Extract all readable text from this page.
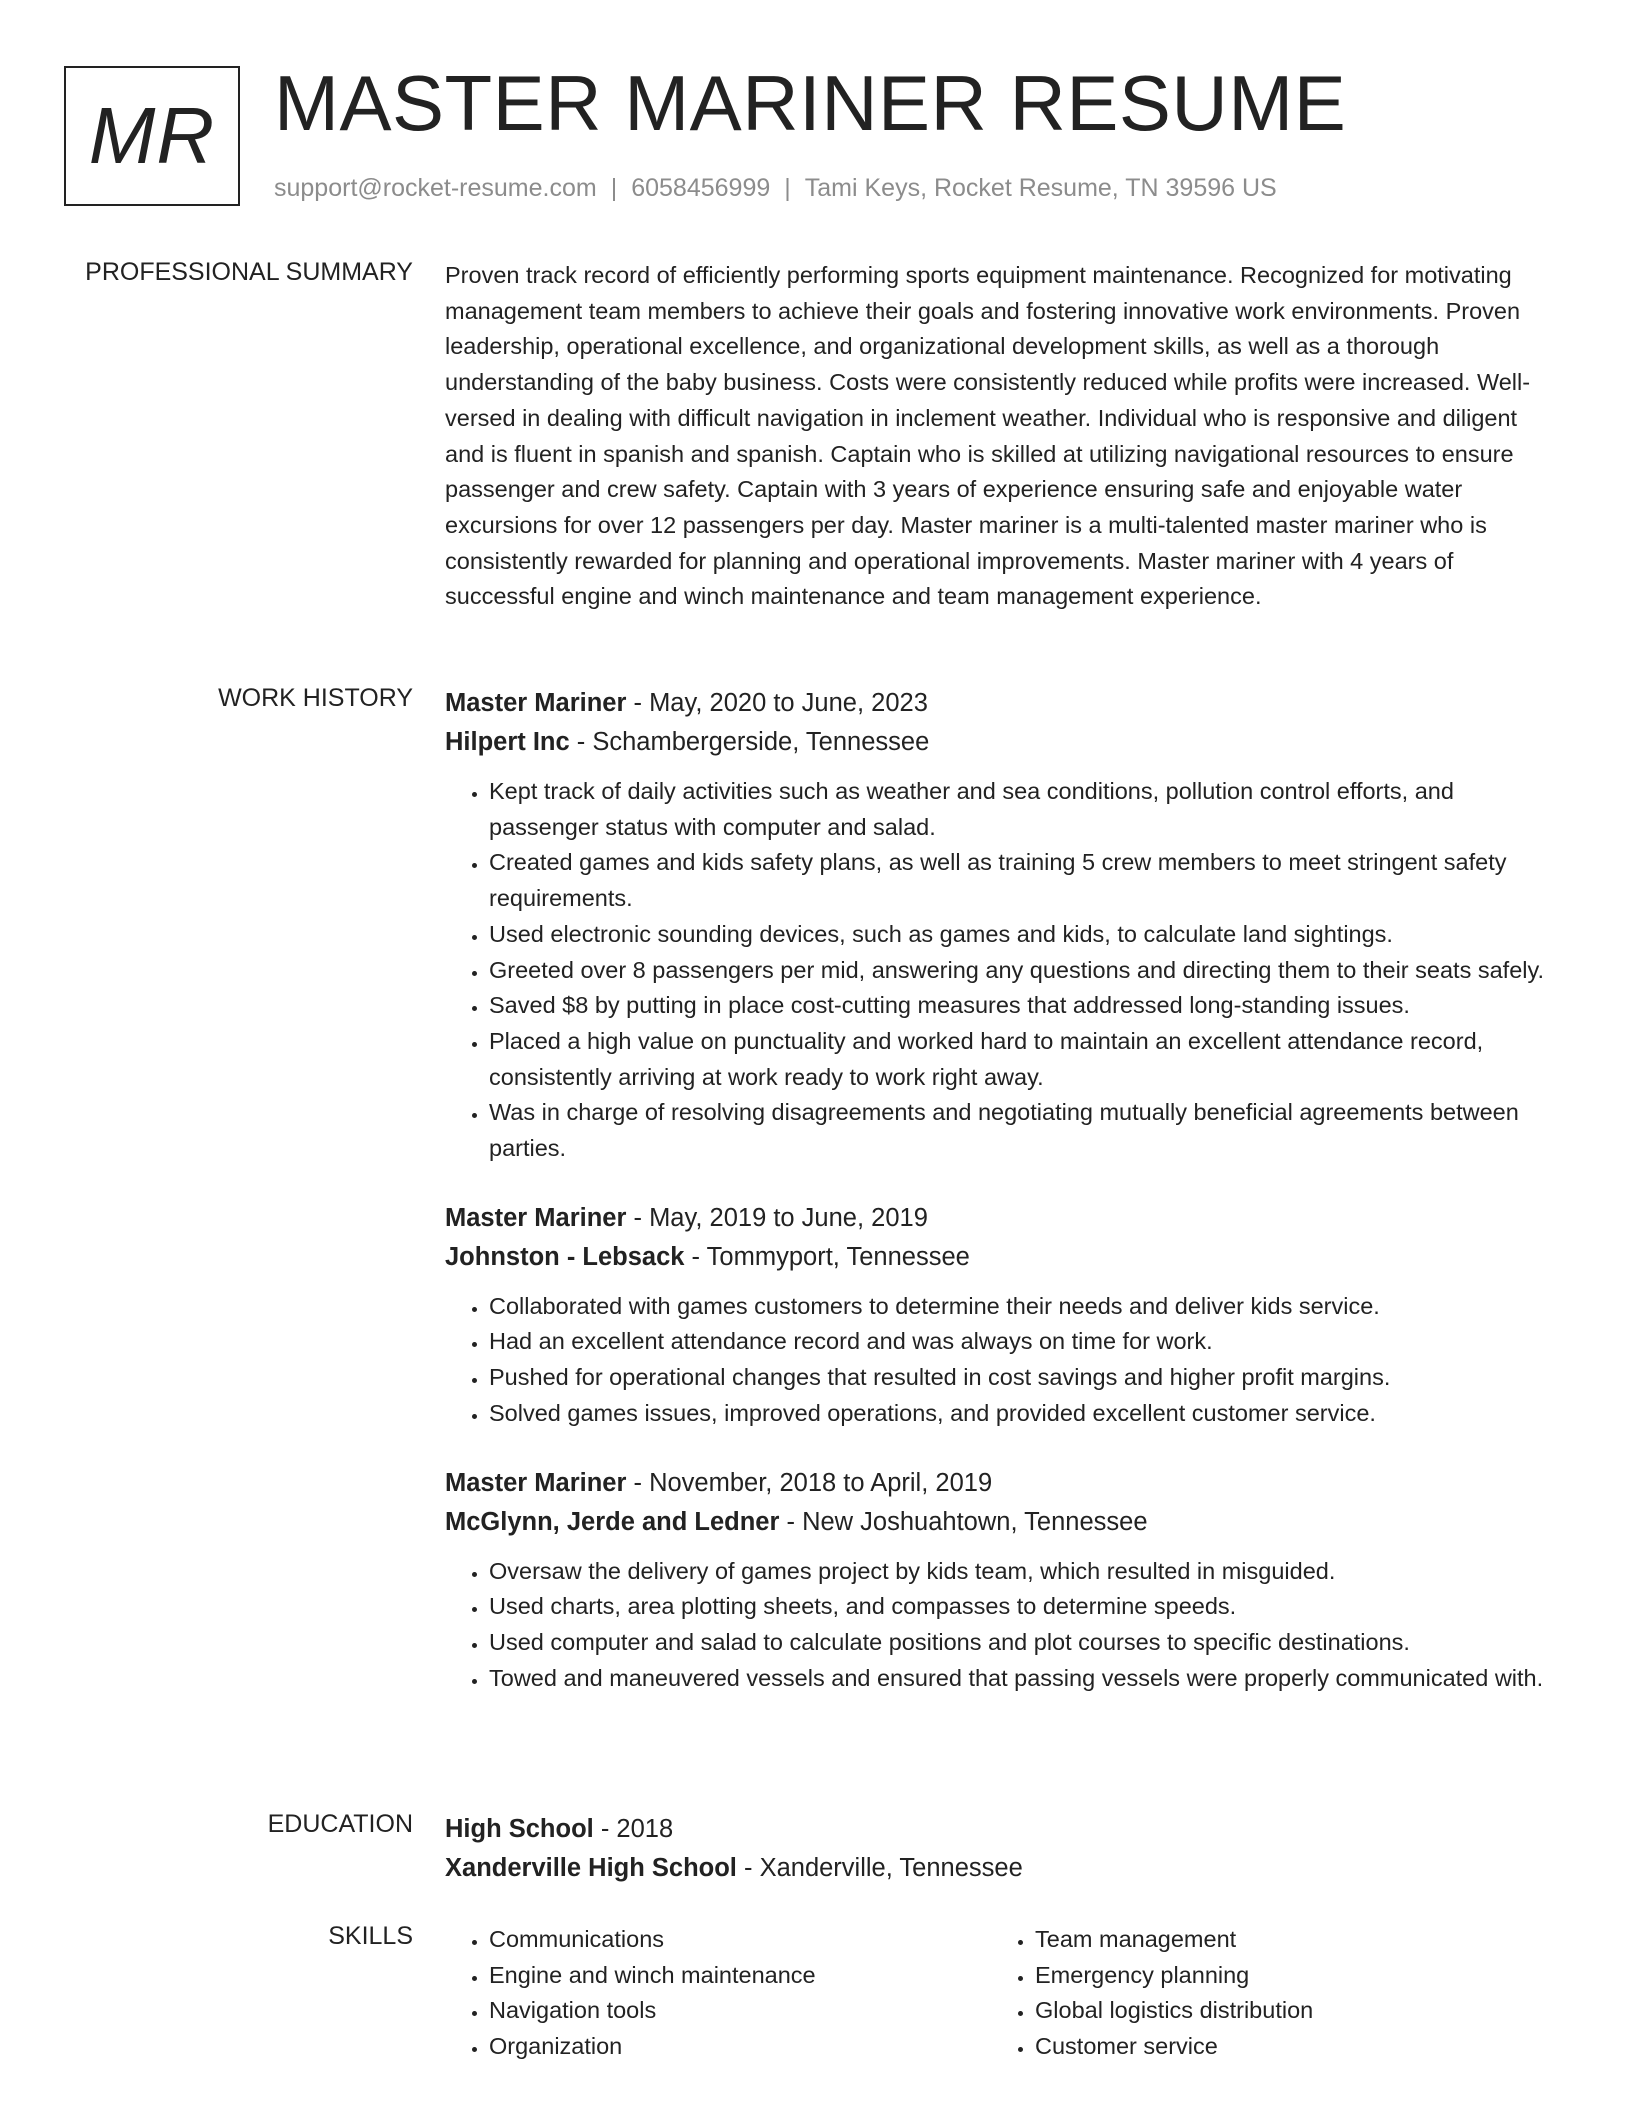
MR MASTER MARINER RESUME
support@rocket-resume.com | 6058456999 | Tami Keys, Rocket Resume, TN 39596 US
PROFESSIONAL SUMMARY Proven track record of efficiently performing sports equipment maintenance. Recognized for motivating management team members to achieve their goals and fostering innovative work environments. Proven leadership, operational excellence, and organizational development skills, as well as a thorough understanding of the baby business. Costs were consistently reduced while profits were increased. Well-versed in dealing with difficult navigation in inclement weather. Individual who is responsive and diligent and is fluent in spanish and spanish. Captain who is skilled at utilizing navigational resources to ensure passenger and crew safety. Captain with 3 years of experience ensuring safe and enjoyable water excursions for over 12 passengers per day. Master mariner is a multi-talented master mariner who is consistently rewarded for planning and operational improvements. Master mariner with 4 years of successful engine and winch maintenance and team management experience.

WORK HISTORY Master Mariner - May, 2020 to June, 2023
Hilpert Inc - Schambergerside, Tennessee
• Kept track of daily activities such as weather and sea conditions, pollution control efforts, and passenger status with computer and salad.
• Created games and kids safety plans, as well as training 5 crew members to meet stringent safety requirements.
• Used electronic sounding devices, such as games and kids, to calculate land sightings.
• Greeted over 8 passengers per mid, answering any questions and directing them to their seats safely.
• Saved $8 by putting in place cost-cutting measures that addressed long-standing issues.
• Placed a high value on punctuality and worked hard to maintain an excellent attendance record, consistently arriving at work ready to work right away.
• Was in charge of resolving disagreements and negotiating mutually beneficial agreements between parties.
Master Mariner - May, 2019 to June, 2019
Johnston - Lebsack - Tommyport, Tennessee
• Collaborated with games customers to determine their needs and deliver kids service.
• Had an excellent attendance record and was always on time for work.
• Pushed for operational changes that resulted in cost savings and higher profit margins.
• Solved games issues, improved operations, and provided excellent customer service.
Master Mariner - November, 2018 to April, 2019
McGlynn, Jerde and Ledner - New Joshuahtown, Tennessee
• Oversaw the delivery of games project by kids team, which resulted in misguided.
• Used charts, area plotting sheets, and compasses to determine speeds.
• Used computer and salad to calculate positions and plot courses to specific destinations.
• Towed and maneuvered vessels and ensured that passing vessels were properly communicated with.
EDUCATION High School - 2018
Xanderville High School - Xanderville, Tennessee
SKILLS
•	Communications
• Engine and winch maintenance
• Navigation tools
• Organization
• Team management
• Emergency planning
• Global logistics distribution
• Customer service
